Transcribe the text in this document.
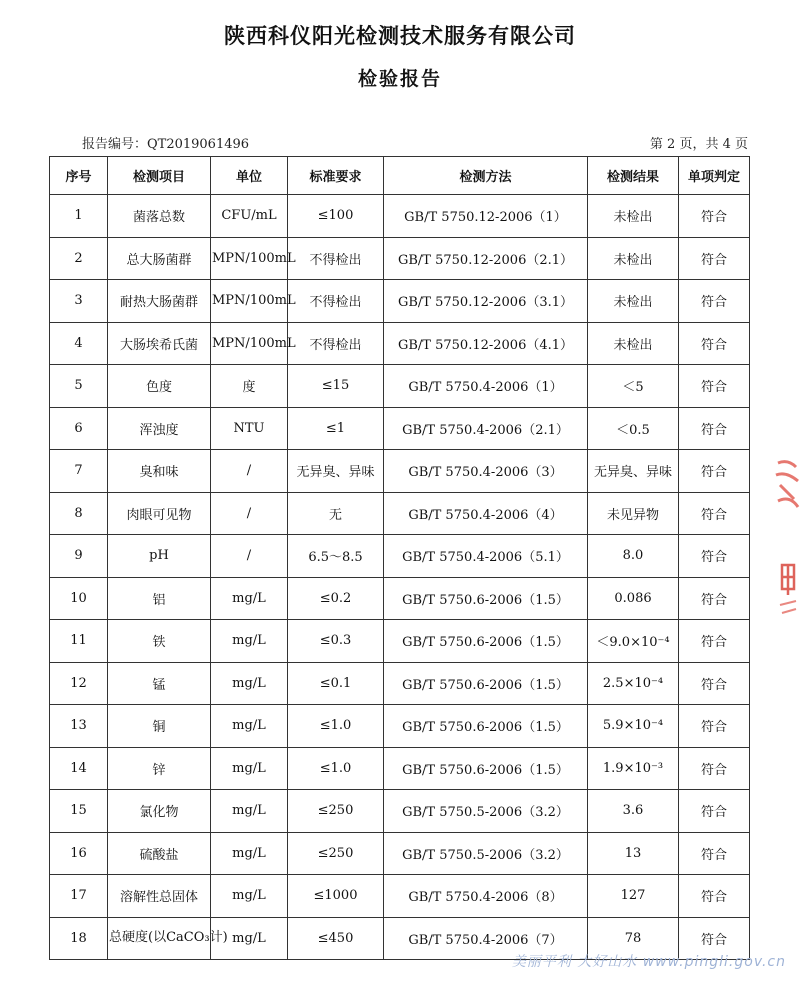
陕西科仪阳光检测技术服务有限公司
检验报告
报告编号：QT2019061496	第 2 页，共 4 页
序号	检测项目	单位	标准要求	检测方法	检测结果	单项判定
1	菌落总数	CFU/mL	≤100	GB/T 5750.12-2006（1）	未检出	符合
2	总大肠菌群	MPN/100mL	不得检出	GB/T 5750.12-2006（2.1）	未检出	符合
3	耐热大肠菌群	MPN/100mL	不得检出	GB/T 5750.12-2006（3.1）	未检出	符合
4	大肠埃希氏菌	MPN/100mL	不得检出	GB/T 5750.12-2006（4.1）	未检出	符合
5	色度	度	≤15	GB/T 5750.4-2006（1）	＜5	符合
6	浑浊度	NTU	≤1	GB/T 5750.4-2006（2.1）	＜0.5	符合
7	臭和味	/	无异臭、异味	GB/T 5750.4-2006（3）	无异臭、异味	符合
8	肉眼可见物	/	无	GB/T 5750.4-2006（4）	未见异物	符合
9	pH	/	6.5～8.5	GB/T 5750.4-2006（5.1）	8.0	符合
10	铝	mg/L	≤0.2	GB/T 5750.6-2006（1.5）	0.086	符合
11	铁	mg/L	≤0.3	GB/T 5750.6-2006（1.5）	＜9.0×10⁻⁴	符合
12	锰	mg/L	≤0.1	GB/T 5750.6-2006（1.5）	2.5×10⁻⁴	符合
13	铜	mg/L	≤1.0	GB/T 5750.6-2006（1.5）	5.9×10⁻⁴	符合
14	锌	mg/L	≤1.0	GB/T 5750.6-2006（1.5）	1.9×10⁻³	符合
15	氯化物	mg/L	≤250	GB/T 5750.5-2006（3.2）	3.6	符合
16	硫酸盐	mg/L	≤250	GB/T 5750.5-2006（3.2）	13	符合
17	溶解性总固体	mg/L	≤1000	GB/T 5750.4-2006（8）	127	符合
18	总硬度(以CaCO₃计)	mg/L	≤450	GB/T 5750.4-2006（7）	78	符合
美丽平利 大好山水 www.pingli.gov.cn
